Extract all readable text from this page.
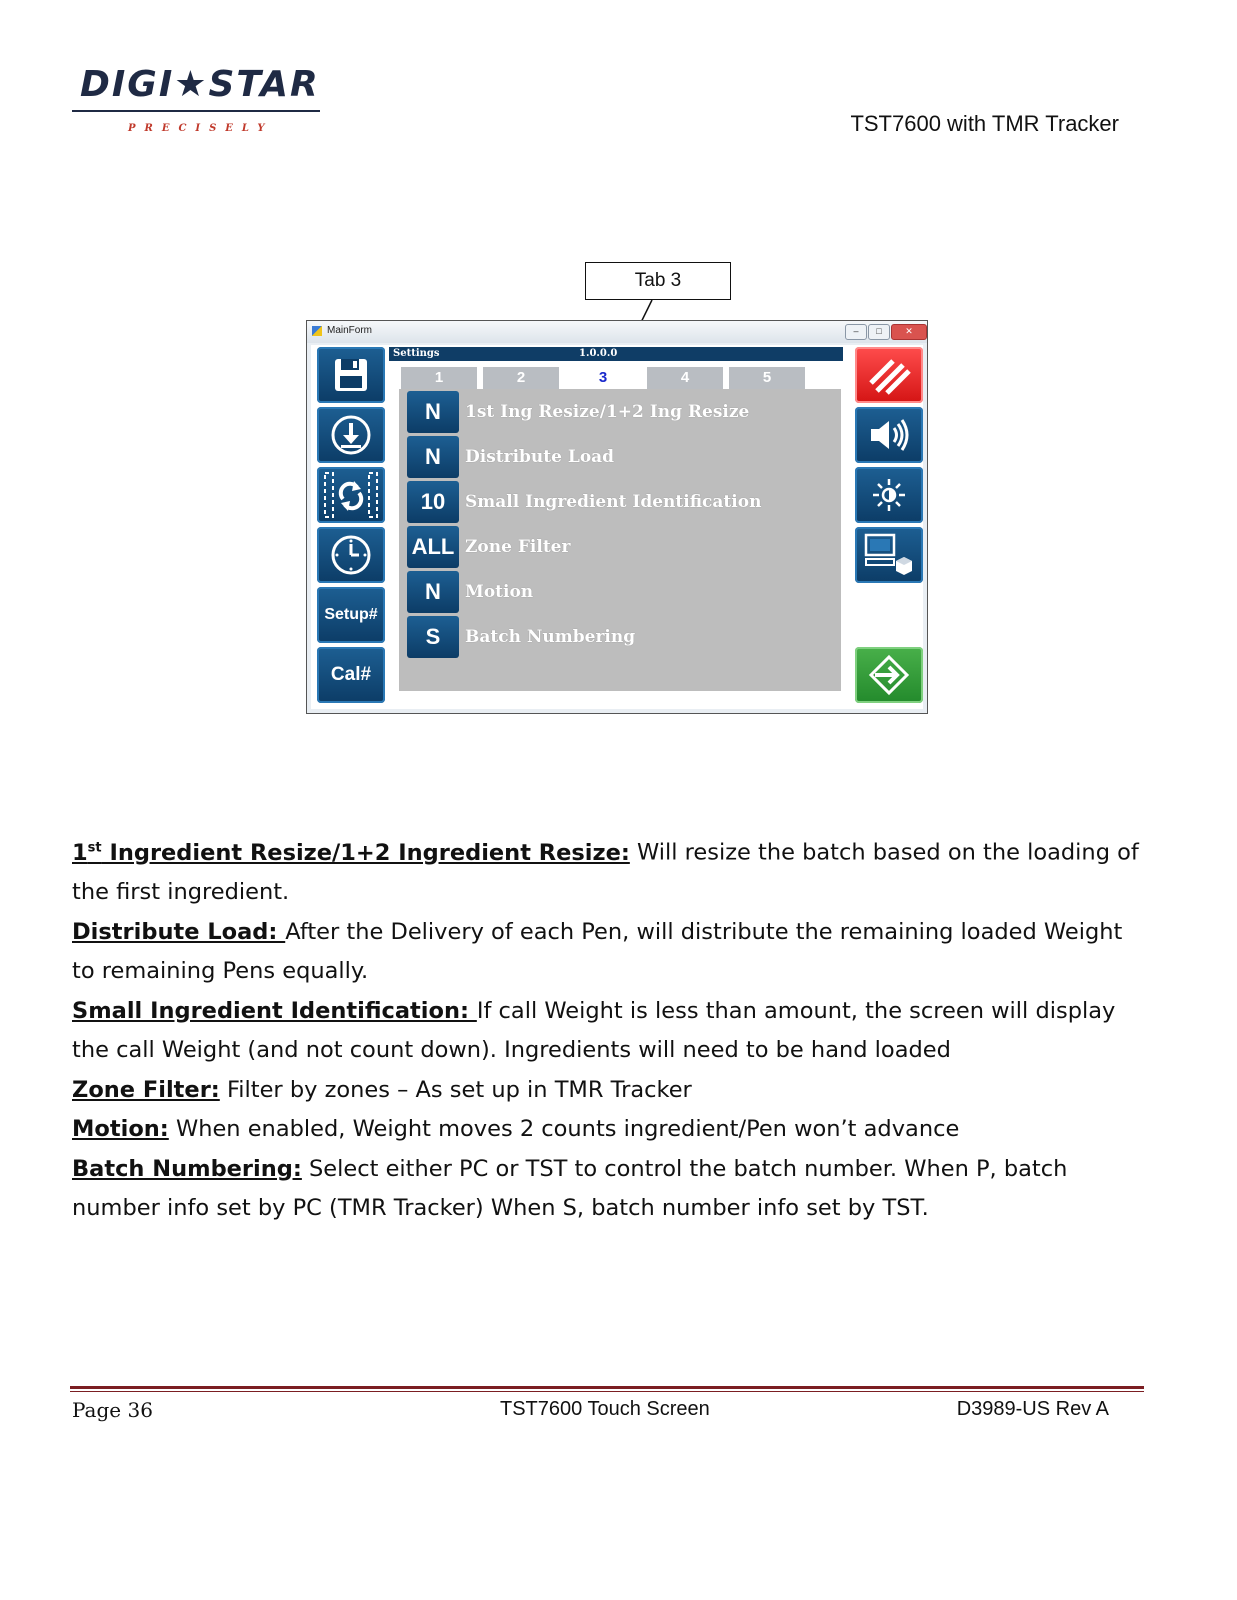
DIGI★STAR
PRECISELY	TST7600 with TMR Tracker
Tab 3
MainForm	–	□	✕
Setup#
Cal#
Settings	1.0.0.0
1	2	3	4	5
N	1st Ing Resize/1+2 Ing Resize
N	Distribute Load
10	Small Ingredient Identification
ALL Zone Filter
N	Motion
S	Batch Numbering

1st Ingredient Resize/1+2 Ingredient Resize: Will resize the batch based on the loading of the first ingredient.

Distribute Load: After the Delivery of each Pen, will distribute the remaining loaded Weight to remaining Pens equally.

Small Ingredient Identification: If call Weight is less than amount, the screen will display the call Weight (and not count down). Ingredients will need to be hand loaded

Zone Filter: Filter by zones – As set up in TMR Tracker

Motion: When enabled, Weight moves 2 counts ingredient/Pen won’t advance

Batch Numbering: Select either PC or TST to control the batch number. When P, batch number info set by PC (TMR Tracker) When S, batch number info set by TST.

Page 36	TST7600 Touch Screen	D3989-US Rev A
